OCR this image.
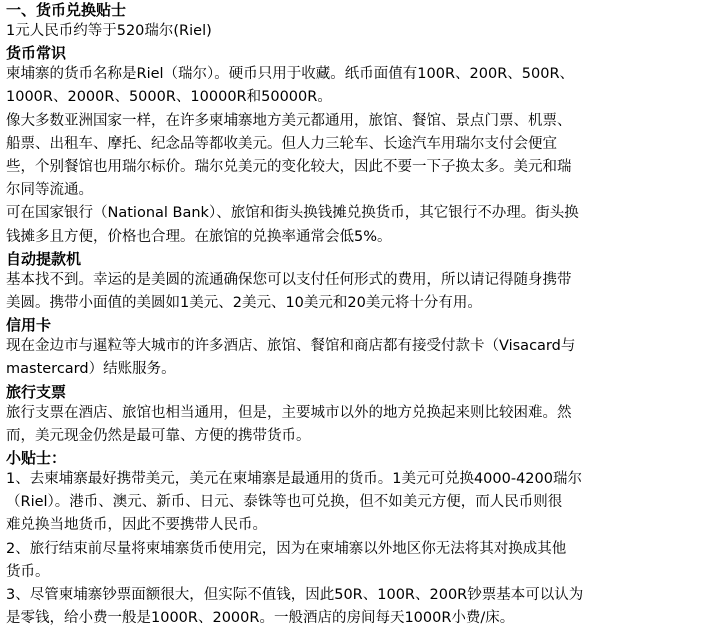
一、货币兑换贴士
1元人民币约等于520瑞尔(Riel)
货币常识
柬埔寨的货币名称是Riel（瑞尔）。硬币只用于收藏。纸币面值有100R、200R、500R、
1000R、2000R、5000R、10000R和50000R。
像大多数亚洲国家一样，在许多柬埔寨地方美元都通用，旅馆、餐馆、景点门票、机票、
船票、出租车、摩托、纪念品等都收美元。但人力三轮车、长途汽车用瑞尔支付会便宜
些，个别餐馆也用瑞尔标价。瑞尔兑美元的变化较大，因此不要一下子换太多。美元和瑞
尔同等流通。
可在国家银行（National Bank）、旅馆和街头换钱摊兑换货币，其它银行不办理。街头换
钱摊多且方便，价格也合理。在旅馆的兑换率通常会低5%。
自动提款机
基本找不到。幸运的是美圆的流通确保您可以支付任何形式的费用，所以请记得随身携带
美圆。携带小面值的美圆如1美元、2美元、10美元和20美元将十分有用。
信用卡
现在金边市与暹粒等大城市的许多酒店、旅馆、餐馆和商店都有接受付款卡（Visacard与
mastercard）结账服务。
旅行支票
旅行支票在酒店、旅馆也相当通用，但是，主要城市以外的地方兑换起来则比较困难。然
而，美元现金仍然是最可靠、方便的携带货币。
小贴士：
1、去柬埔寨最好携带美元，美元在柬埔寨是最通用的货币。1美元可兑换4000-4200瑞尔
（Riel）。港币、澳元、新币、日元、泰铢等也可兑换，但不如美元方便，而人民币则很
难兑换当地货币，因此不要携带人民币。
2、旅行结束前尽量将柬埔寨货币使用完，因为在柬埔寨以外地区你无法将其对换成其他
货币。
3、尽管柬埔寨钞票面额很大，但实际不值钱，因此50R、100R、200R钞票基本可以认为
是零钱，给小费一般是1000R、2000R。一般酒店的房间每天1000R小费/床。
